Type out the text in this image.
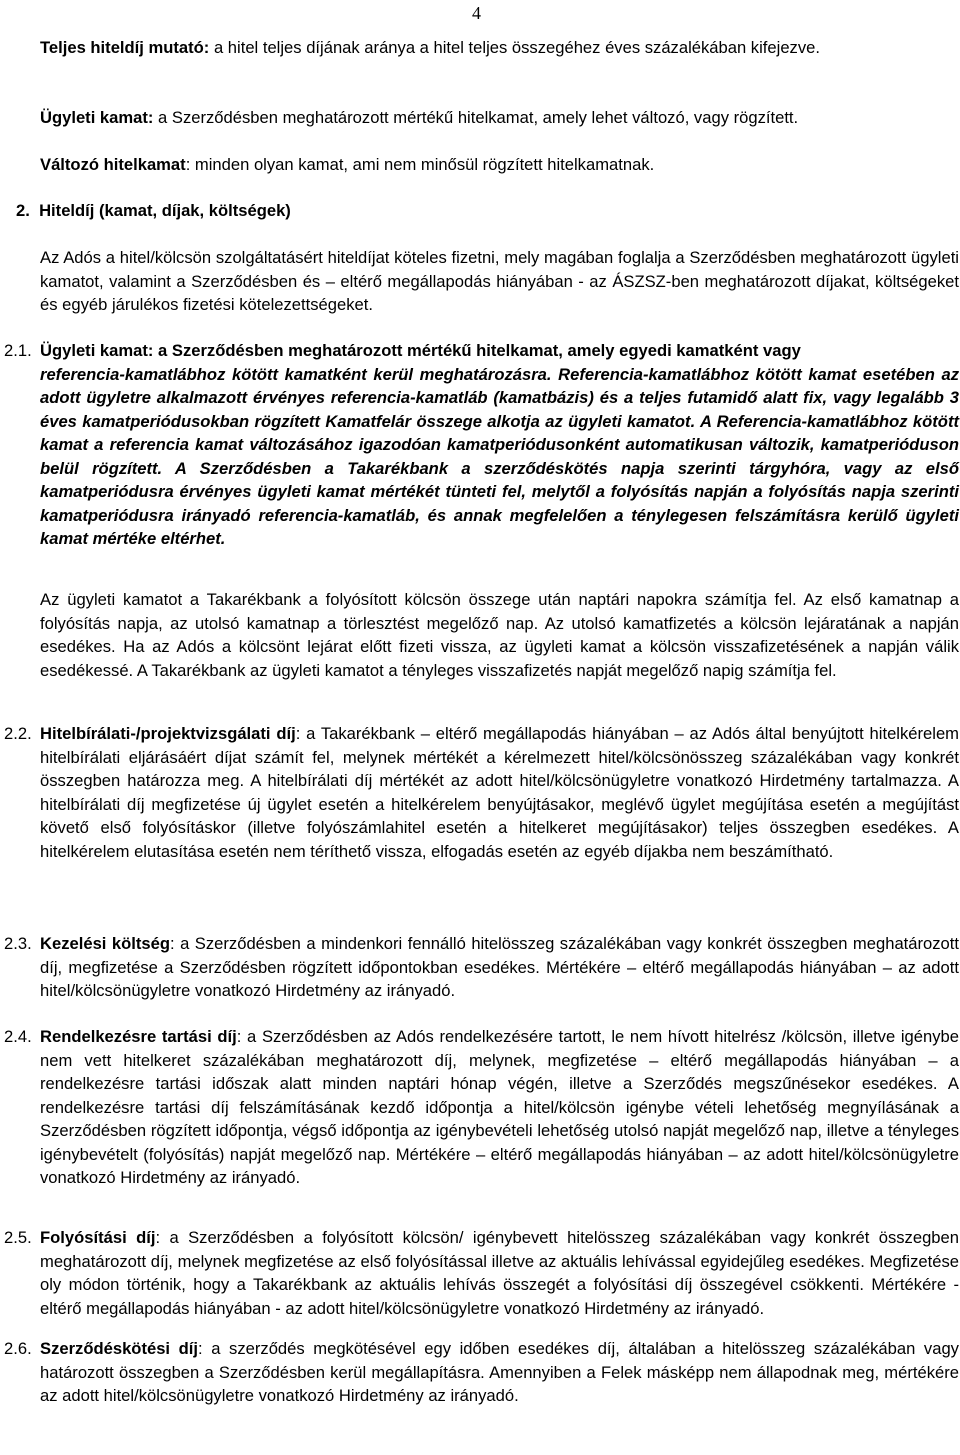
4
Teljes hiteldíj mutató: a hitel teljes díjának aránya a hitel teljes összegéhez éves százalékában kifejezve.
Ügyleti kamat: a Szerződésben meghatározott mértékű hitelkamat, amely lehet változó, vagy rögzített.
Változó hitelkamat: minden olyan kamat, ami nem minősül rögzített hitelkamatnak.
2. Hiteldíj (kamat, díjak, költségek)
Az Adós a hitel/kölcsön szolgáltatásért hiteldíjat köteles fizetni, mely magában foglalja a Szerződésben meghatározott ügyleti kamatot, valamint a Szerződésben és – eltérő megállapodás hiányában - az ÁSZSZ-ben meghatározott díjakat, költségeket és egyéb járulékos fizetési kötelezettségeket.
2.1. Ügyleti kamat: a Szerződésben meghatározott mértékű hitelkamat, amely egyedi kamatként vagy

referencia-kamatlábhoz kötött kamatként kerül meghatározásra. Referencia-kamatlábhoz kötött kamat esetében az adott ügyletre alkalmazott érvényes referencia-kamatláb (kamatbázis) és a teljes futamidő alatt fix, vagy legalább 3 éves kamatperiódusokban rögzített Kamatfelár összege alkotja az ügyleti kamatot. A Referencia-kamatlábhoz kötött kamat a referencia kamat változásához igazodóan kamatperiódusonként automatikusan változik, kamatperióduson belül rögzített. A Szerződésben a Takarékbank a szerződéskötés napja szerinti tárgyhóra, vagy az első kamatperiódusra érvényes ügyleti kamat mértékét tünteti fel, melytől a folyósítás napján a folyósítás napja szerinti kamatperiódusra irányadó referencia-kamatláb, és annak megfelelően a ténylegesen felszámításra kerülő ügyleti kamat mértéke eltérhet.

Az ügyleti kamatot a Takarékbank a folyósított kölcsön összege után naptári napokra számítja fel. Az első kamatnap a folyósítás napja, az utolsó kamatnap a törlesztést megelőző nap. Az utolsó kamatfizetés a kölcsön lejáratának a napján esedékes. Ha az Adós a kölcsönt lejárat előtt fizeti vissza, az ügyleti kamat a kölcsön visszafizetésének a napján válik esedékessé. A Takarékbank az ügyleti kamatot a tényleges visszafizetés napját megelőző napig számítja fel.
2.2. Hitelbírálati-/projektvizsgálati díj: a Takarékbank – eltérő megállapodás hiányában – az Adós által benyújtott hitelkérelem hitelbírálati eljárásáért díjat számít fel, melynek mértékét a kérelmezett hitel/kölcsönösszeg százalékában vagy konkrét összegben határozza meg. A hitelbírálati díj mértékét az adott hitel/kölcsönügyletre vonatkozó Hirdetmény tartalmazza. A hitelbírálati díj megfizetése új ügylet esetén a hitelkérelem benyújtásakor, meglévő ügylet megújítása esetén a megújítást követő első folyósításkor (illetve folyószámlahitel esetén a hitelkeret megújításakor) teljes összegben esedékes. A hitelkérelem elutasítása esetén nem téríthető vissza, elfogadás esetén az egyéb díjakba nem beszámítható.
2.3. Kezelési költség: a Szerződésben a mindenkori fennálló hitelösszeg százalékában vagy konkrét összegben meghatározott díj, megfizetése a Szerződésben rögzített időpontokban esedékes. Mértékére – eltérő megállapodás hiányában – az adott hitel/kölcsönügyletre vonatkozó Hirdetmény az irányadó.
2.4. Rendelkezésre tartási díj: a Szerződésben az Adós rendelkezésére tartott, le nem hívott hitelrész /kölcsön, illetve igénybe nem vett hitelkeret százalékában meghatározott díj, melynek, megfizetése – eltérő megállapodás hiányában – a rendelkezésre tartási időszak alatt minden naptári hónap végén, illetve a Szerződés megszűnésekor esedékes. A rendelkezésre tartási díj felszámításának kezdő időpontja a hitel/kölcsön igénybe vételi lehetőség megnyílásának a Szerződésben rögzített időpontja, végső időpontja az igénybevételi lehetőség utolsó napját megelőző nap, illetve a tényleges igénybevételt (folyósítás) napját megelőző nap. Mértékére – eltérő megállapodás hiányában – az adott hitel/kölcsönügyletre vonatkozó Hirdetmény az irányadó.
2.5. Folyósítási díj: a Szerződésben a folyósított kölcsön/ igénybevett hitelösszeg százalékában vagy konkrét összegben meghatározott díj, melynek megfizetése az első folyósítással illetve az aktuális lehívással egyidejűleg esedékes. Megfizetése oly módon történik, hogy a Takarékbank az aktuális lehívás összegét a folyósítási díj összegével csökkenti. Mértékére - eltérő megállapodás hiányában - az adott hitel/kölcsönügyletre vonatkozó Hirdetmény az irányadó.
2.6. Szerződéskötési díj: a szerződés megkötésével egy időben esedékes díj, általában a hitelösszeg százalékában vagy határozott összegben a Szerződésben kerül megállapításra. Amennyiben a Felek másképp nem állapodnak meg, mértékére az adott hitel/kölcsönügyletre vonatkozó Hirdetmény az irányadó.
